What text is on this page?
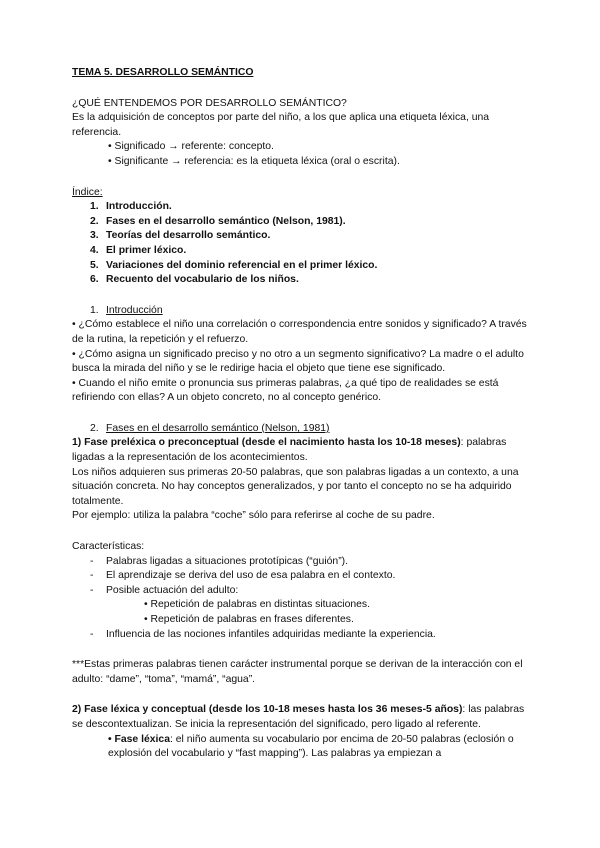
TEMA 5. DESARROLLO SEMÁNTICO

¿QUÉ ENTENDEMOS POR DESARROLLO SEMÁNTICO?

Es la adquisición de conceptos por parte del niño, a los que aplica una etiqueta léxica, una referencia.

• Significado → referente: concepto.

• Significante → referencia: es la etiqueta léxica (oral o escrita).

Índice:

1. Introducción.
2. Fases en el desarrollo semántico (Nelson, 1981).
3. Teorías del desarrollo semántico.
4. El primer léxico.
5. Variaciones del dominio referencial en el primer léxico.
6. Recuento del vocabulario de los niños.

1. Introducción

• ¿Cómo establece el niño una correlación o correspondencia entre sonidos y significado? A través de la rutina, la repetición y el refuerzo.

• ¿Cómo asigna un significado preciso y no otro a un segmento significativo? La madre o el adulto busca la mirada del niño y se le redirige hacia el objeto que tiene ese significado.

• Cuando el niño emite o pronuncia sus primeras palabras, ¿a qué tipo de realidades se está refiriendo con ellas? A un objeto concreto, no al concepto genérico.

2. Fases en el desarrollo semántico (Nelson, 1981)

1) Fase preléxica o preconceptual (desde el nacimiento hasta los 10-18 meses): palabras ligadas a la representación de los acontecimientos.

Los niños adquieren sus primeras 20-50 palabras, que son palabras ligadas a un contexto, a una situación concreta. No hay conceptos generalizados, y por tanto el concepto no se ha adquirido totalmente.

Por ejemplo: utiliza la palabra “coche” sólo para referirse al coche de su padre.

Características:

- Palabras ligadas a situaciones prototípicas (“guión”).

- El aprendizaje se deriva del uso de esa palabra en el contexto.

- Posible actuación del adulto:

• Repetición de palabras en distintas situaciones.

• Repetición de palabras en frases diferentes.

- Influencia de las nociones infantiles adquiridas mediante la experiencia.

***Estas primeras palabras tienen carácter instrumental porque se derivan de la interacción con el adulto: “dame”, “toma”, “mamá”, “agua”.

2) Fase léxica y conceptual (desde los 10-18 meses hasta los 36 meses-5 años): las palabras se descontextualizan. Se inicia la representación del significado, pero ligado al referente.

• Fase léxica: el niño aumenta su vocabulario por encima de 20-50 palabras (eclosión o explosión del vocabulario y “fast mapping”). Las palabras ya empiezan a
